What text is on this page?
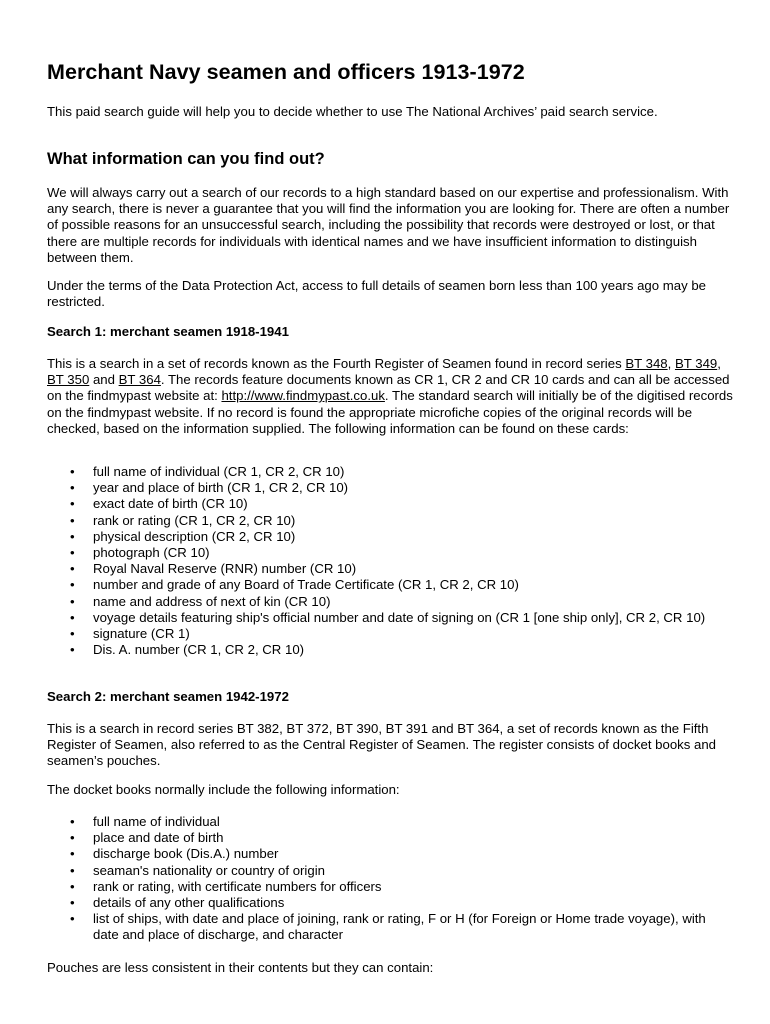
Merchant Navy seamen and officers 1913-1972

This paid search guide will help you to decide whether to use The National Archives’ paid search service.

What information can you find out?

We will always carry out a search of our records to a high standard based on our expertise and professionalism. With any search, there is never a guarantee that you will find the information you are looking for. There are often a number of possible reasons for an unsuccessful search, including the possibility that records were destroyed or lost, or that there are multiple records for individuals with identical names and we have insufficient information to distinguish between them.

Under the terms of the Data Protection Act, access to full details of seamen born less than 100 years ago may be restricted.

Search 1: merchant seamen 1918-1941

This is a search in a set of records known as the Fourth Register of Seamen found in record series BT 348, BT 349, BT 350 and BT 364. The records feature documents known as CR 1, CR 2 and CR 10 cards and can all be accessed on the findmypast website at: http://www.findmypast.co.uk. The standard search will initially be of the digitised records on the findmypast website. If no record is found the appropriate microfiche copies of the original records will be checked, based on the information supplied. The following information can be found on these cards:

• full name of individual (CR 1, CR 2, CR 10)
• year and place of birth (CR 1, CR 2, CR 10)
• exact date of birth (CR 10)
• rank or rating (CR 1, CR 2, CR 10)
• physical description (CR 2, CR 10)
• photograph (CR 10)
• Royal Naval Reserve (RNR) number (CR 10)
• number and grade of any Board of Trade Certificate (CR 1, CR 2, CR 10)
• name and address of next of kin (CR 10)
• voyage details featuring ship's official number and date of signing on (CR 1 [one ship only], CR 2, CR 10)
• signature (CR 1)
• Dis. A. number (CR 1, CR 2, CR 10)

Search 2: merchant seamen 1942-1972

This is a search in record series BT 382, BT 372, BT 390, BT 391 and BT 364, a set of records known as the Fifth Register of Seamen, also referred to as the Central Register of Seamen. The register consists of docket books and seamen’s pouches.

The docket books normally include the following information:

• full name of individual
• place and date of birth
• discharge book (Dis.A.) number
• seaman's nationality or country of origin
• rank or rating, with certificate numbers for officers
• details of any other qualifications
• list of ships, with date and place of joining, rank or rating, F or H (for Foreign or Home trade voyage), with date and place of discharge, and character

Pouches are less consistent in their contents but they can contain:
